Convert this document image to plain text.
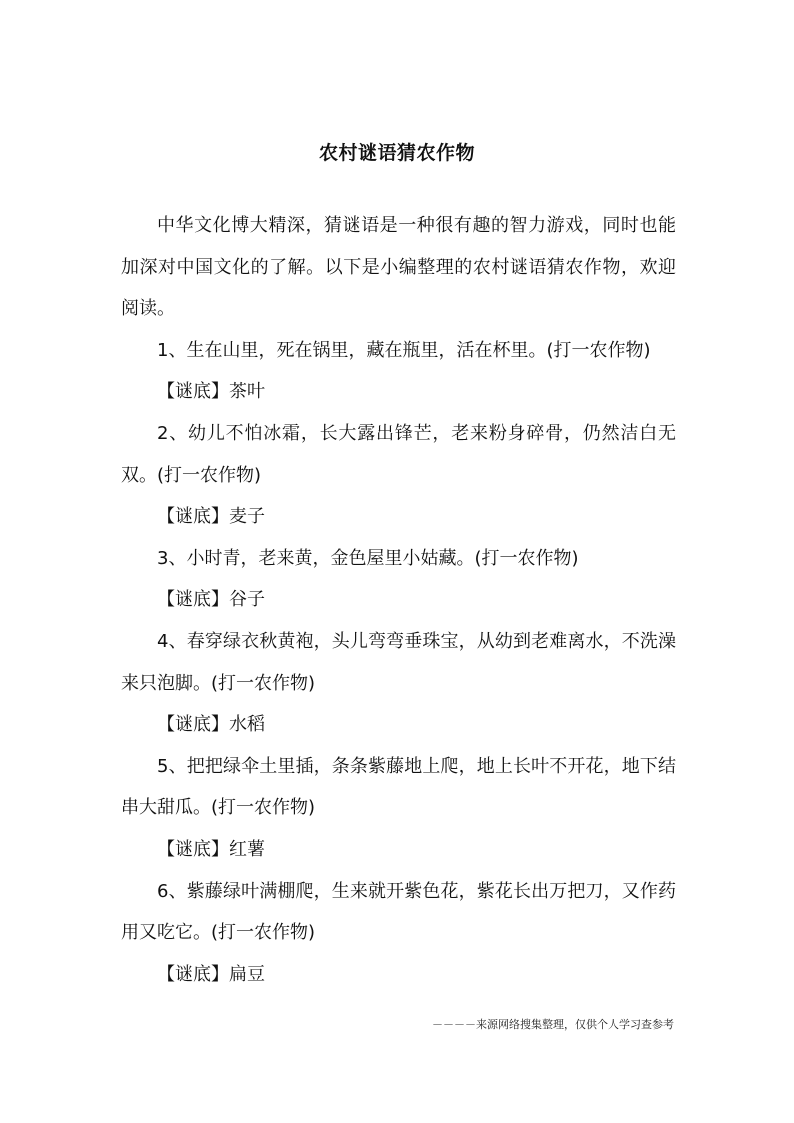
农村谜语猜农作物

中华文化博大精深，猜谜语是一种很有趣的智力游戏，同时也能加深对中国文化的了解。以下是小编整理的农村谜语猜农作物，欢迎阅读。

1、生在山里，死在锅里，藏在瓶里，活在杯里。(打一农作物)

【谜底】茶叶

2、幼儿不怕冰霜，长大露出锋芒，老来粉身碎骨，仍然洁白无双。(打一农作物)

【谜底】麦子

3、小时青，老来黄，金色屋里小姑藏。(打一农作物)

【谜底】谷子

4、春穿绿衣秋黄袍，头儿弯弯垂珠宝，从幼到老难离水，不洗澡来只泡脚。(打一农作物)

【谜底】水稻

5、把把绿伞土里插，条条紫藤地上爬，地上长叶不开花，地下结串大甜瓜。(打一农作物)

【谜底】红薯

6、紫藤绿叶满棚爬，生来就开紫色花，紫花长出万把刀，又作药用又吃它。(打一农作物)

【谜底】扁豆

－－－－来源网络搜集整理，仅供个人学习查参考
